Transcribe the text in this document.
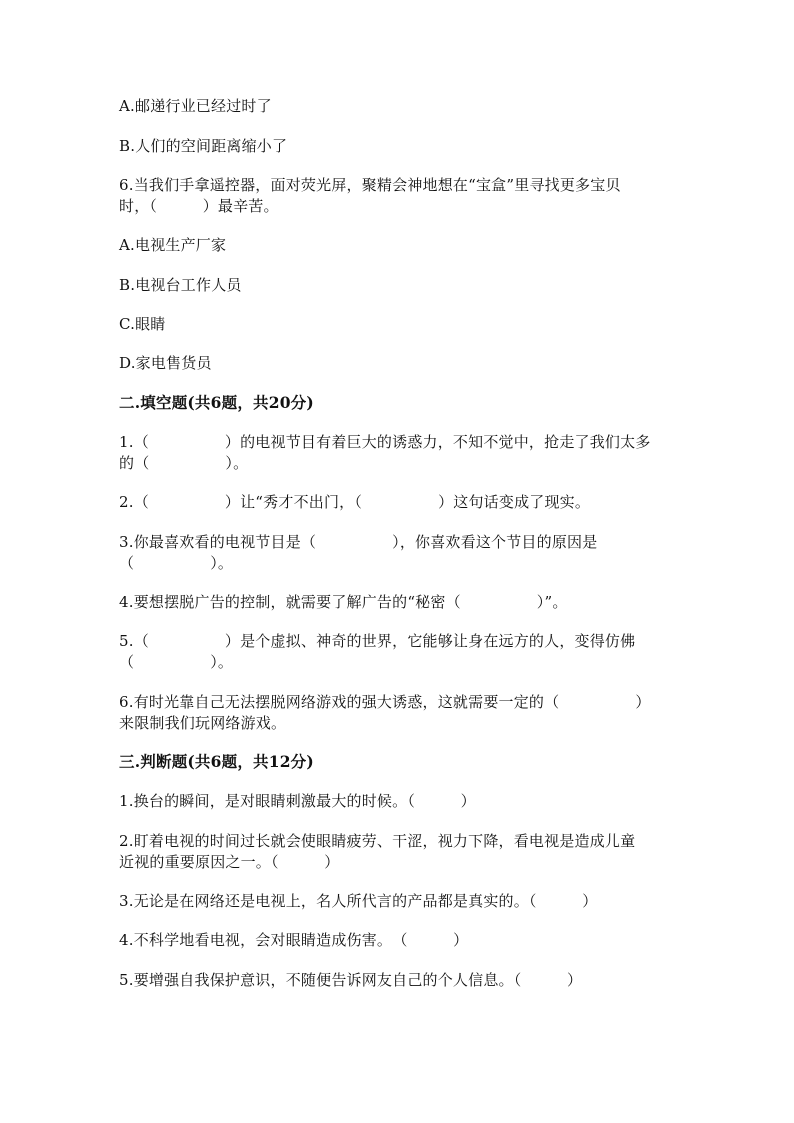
A.邮递行业已经过时了
B.人们的空间距离缩小了
6.当我们手拿遥控器，面对荧光屏，聚精会神地想在“宝盒”里寻找更多宝贝
时，（　　　）最辛苦。
A.电视生产厂家
B.电视台工作人员
C.眼睛
D.家电售货员
二.填空题(共6题，共20分)
1.（　　　　　）的电视节目有着巨大的诱惑力，不知不觉中，抢走了我们太多
的（　　　　　）。
2.（　　　　　）让“秀才不出门，（　　　　　）这句话变成了现实。
3.你最喜欢看的电视节目是（　　　　　），你喜欢看这个节目的原因是
（　　　　　）。
4.要想摆脱广告的控制，就需要了解广告的“秘密（　　　　　）”。
5.（　　　　　）是个虚拟、神奇的世界，它能够让身在远方的人，变得仿佛
（　　　　　）。
6.有时光靠自己无法摆脱网络游戏的强大诱惑，这就需要一定的（　　　　　）
来限制我们玩网络游戏。
三.判断题(共6题，共12分)
1.换台的瞬间，是对眼睛刺激最大的时候。（　　　）
2.盯着电视的时间过长就会使眼睛疲劳、干涩，视力下降，看电视是造成儿童
近视的重要原因之一。（　　　）
3.无论是在网络还是电视上，名人所代言的产品都是真实的。（　　　）
4.不科学地看电视，会对眼睛造成伤害。　（　　　）
5.要增强自我保护意识，不随便告诉网友自己的个人信息。（　　　）
